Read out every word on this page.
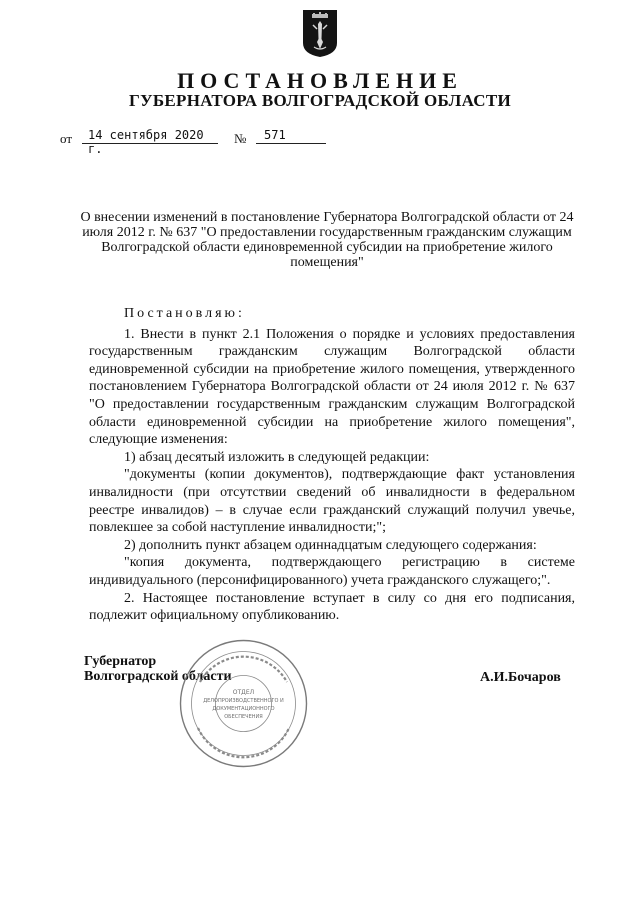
ПОСТАНОВЛЕНИЕ
ГУБЕРНАТОРА ВОЛГОГРАДСКОЙ ОБЛАСТИ
от	14 сентября 2020 г.
№	571
О внесении изменений в постановление Губернатора Волгоградской области от 24 июля 2012 г. № 637 "О предоставлении государственным гражданским служащим Волгоградской области единовременной субсидии на приобретение жилого помещения"

Постановляю:

1. Внести в пункт 2.1 Положения о порядке и условиях предоставления государственным гражданским служащим Волгоградской области единовременной субсидии на приобретение жилого помещения, утвержденного постановлением Губернатора Волгоградской области от 24 июля 2012 г. № 637 "О предоставлении государственным гражданским служащим Волгоградской области единовременной субсидии на приобретение жилого помещения", следующие изменения:

1) абзац десятый изложить в следующей редакции:

"документы (копии документов), подтверждающие факт установления инвалидности (при отсутствии сведений об инвалидности в федеральном реестре инвалидов) – в случае если гражданский служащий получил увечье, повлекшее за собой наступление инвалидности;";

2) дополнить пункт абзацем одиннадцатым следующего содержания:

"копия документа, подтверждающего регистрацию в системе индивидуального (персонифицированного) учета гражданского служащего;".

2. Настоящее постановление вступает в силу со дня его подписания, подлежит официальному опубликованию.

Губернатор
Волгоградской области	А.И.Бочаров
ОТДЕЛ
ДЕЛОПРОИЗВОДСТВЕННОГО И
ДОКУМЕНТАЦИОННОГО
ОБЕСПЕЧЕНИЯ
